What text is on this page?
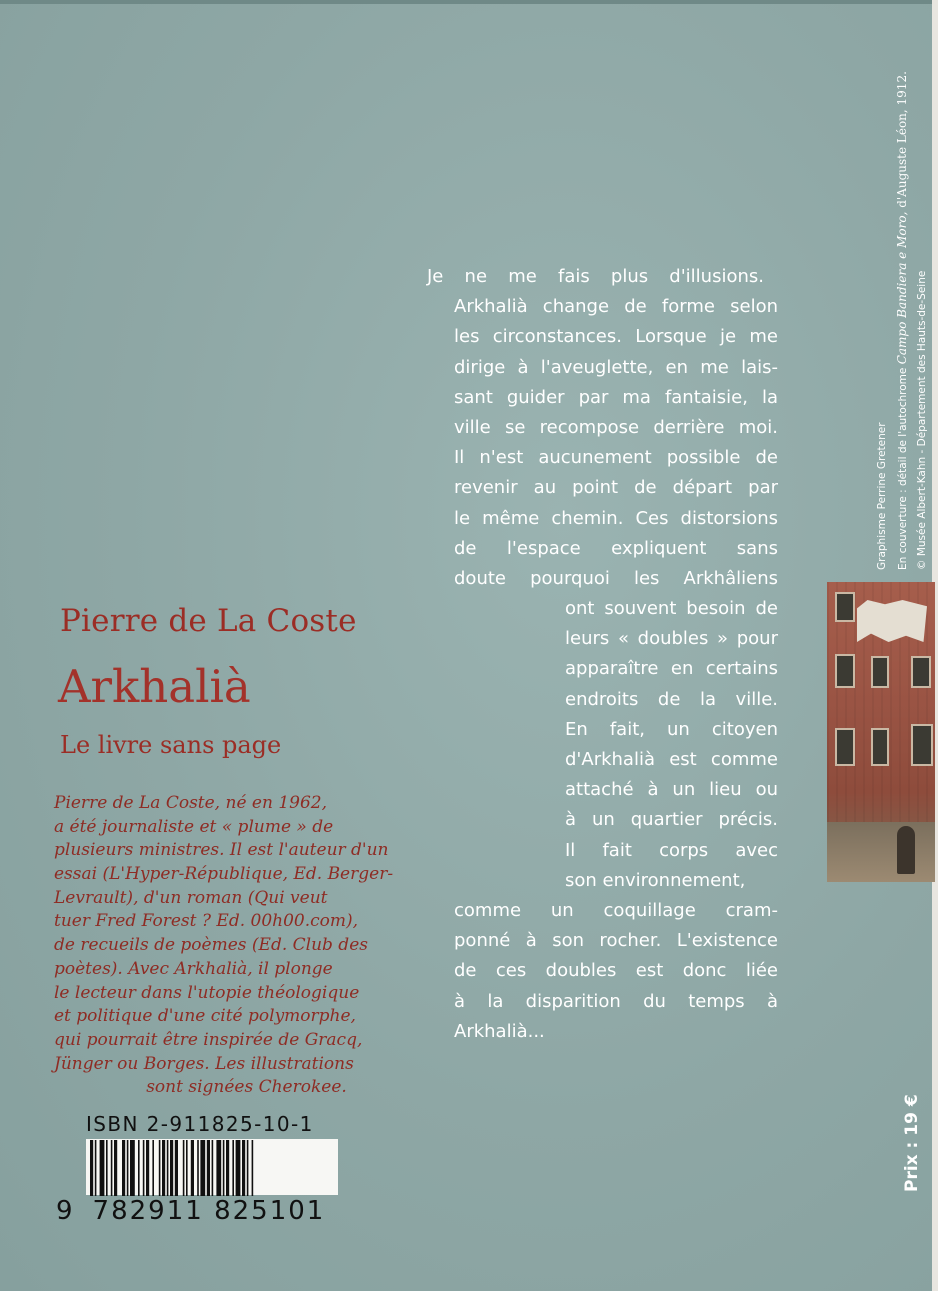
Pierre de La Coste
Arkhalià
Le livre sans page
Pierre de La Coste, né en 1962,
a été journaliste et « plume » de
plusieurs ministres. Il est l'auteur d'un
essai (L'Hyper-République, Ed. Berger-
Levrault), d'un roman (Qui veut
tuer Fred Forest ? Ed. 00h00.com),
de recueils de poèmes (Ed. Club des
poètes). Avec Arkhalià, il plonge
le lecteur dans l'utopie théologique
et politique d'une cité polymorphe,
qui pourrait être inspirée de Gracq,
Jünger ou Borges. Les illustrations
sont signées Cherokee.
Je ne me fais plus d'illusions.
Arkhalià change de forme selon
les circonstances. Lorsque je me
dirige à l'aveuglette, en me lais-
sant guider par ma fantaisie, la
ville se recompose derrière moi.
Il n'est aucunement possible de
revenir au point de départ par
le même chemin. Ces distorsions
de l'espace expliquent sans
doute pourquoi les Arkhâliens
ont souvent besoin de
leurs « doubles » pour
apparaître en certains
endroits de la ville.
En fait, un citoyen
d'Arkhalià est comme
attaché à un lieu ou
à un quartier précis.
Il fait corps avec
son environnement,
comme un coquillage cram-
ponné à son rocher. L'existence
de ces doubles est donc liée
à la disparition du temps à
Arkhalià...
Graphisme Perrine Gretener En couverture : détail de l'autochrome Campo Bandiera e Moro, d'Auguste Léon, 1912.
© Musée Albert-Kahn - Département des Hauts-de-Seine
ISBN 2-911825-10-1
9 782911 825101
Prix : 19 €
